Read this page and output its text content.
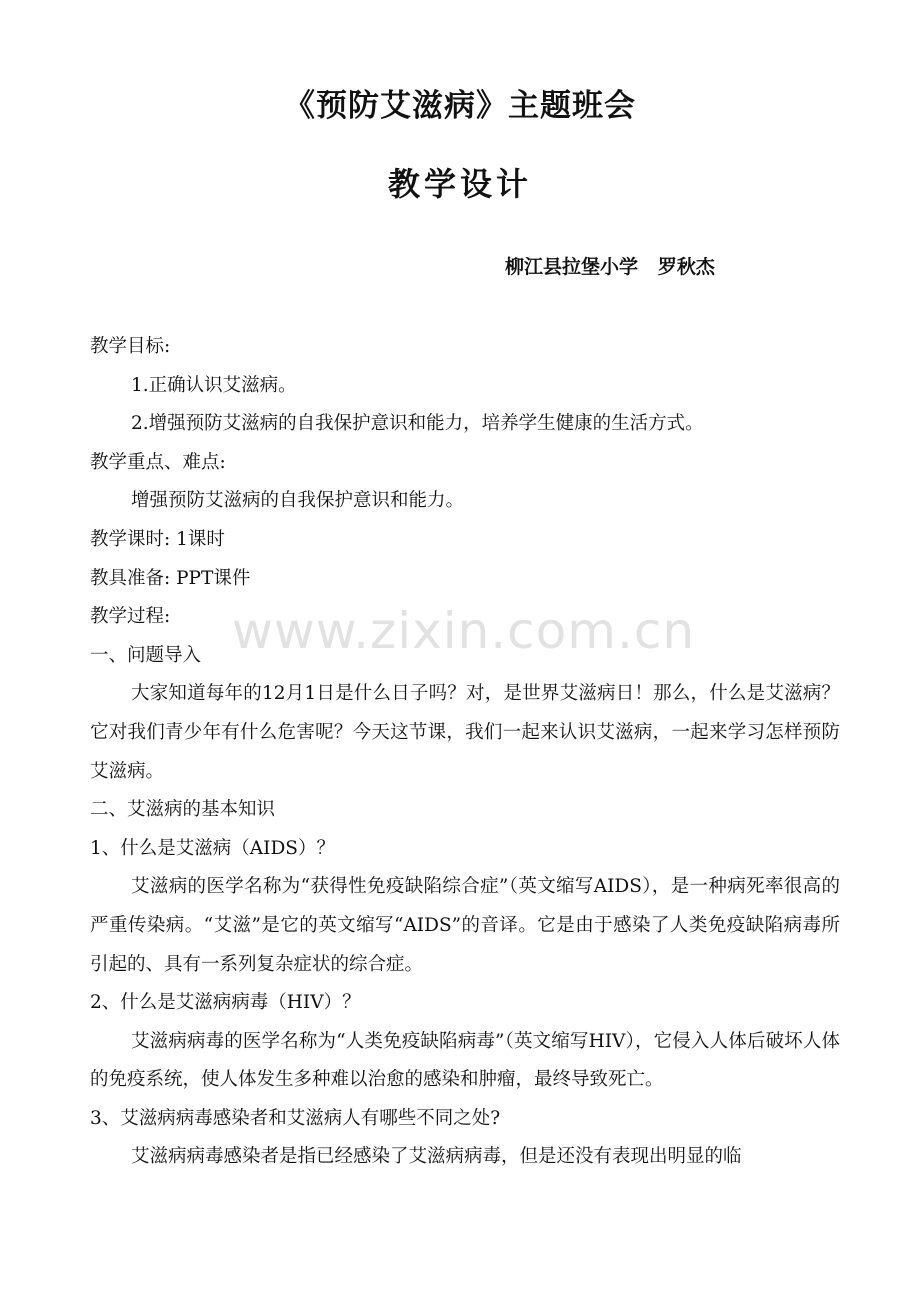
《预防艾滋病》主题班会
教学设计
柳江县拉堡小学   罗秋杰
www.zixin.com.cn

教学目标:

1.正确认识艾滋病。

2.增强预防艾滋病的自我保护意识和能力，培养学生健康的生活方式。

教学重点、难点:

增强预防艾滋病的自我保护意识和能力。

教学课时: 1课时

教具准备: PPT课件

教学过程:

一、问题导入

大家知道每年的12月1日是什么日子吗？对，是世界艾滋病日！那么，什么是艾滋病？它对我们青少年有什么危害呢？今天这节课，我们一起来认识艾滋病，一起来学习怎样预防艾滋病。

二、艾滋病的基本知识

1、什么是艾滋病（AIDS）？

艾滋病的医学名称为“获得性免疫缺陷综合症”（英文缩写AIDS），是一种病死率很高的严重传染病。“艾滋”是它的英文缩写“AIDS”的音译。它是由于感染了人类免疫缺陷病毒所引起的、具有一系列复杂症状的综合症。

2、什么是艾滋病病毒（HIV）？

艾滋病病毒的医学名称为“人类免疫缺陷病毒”（英文缩写HIV），它侵入人体后破坏人体的免疫系统，使人体发生多种难以治愈的感染和肿瘤，最终导致死亡。

3、艾滋病病毒感染者和艾滋病人有哪些不同之处?

艾滋病病毒感染者是指已经感染了艾滋病病毒，但是还没有表现出明显的临
